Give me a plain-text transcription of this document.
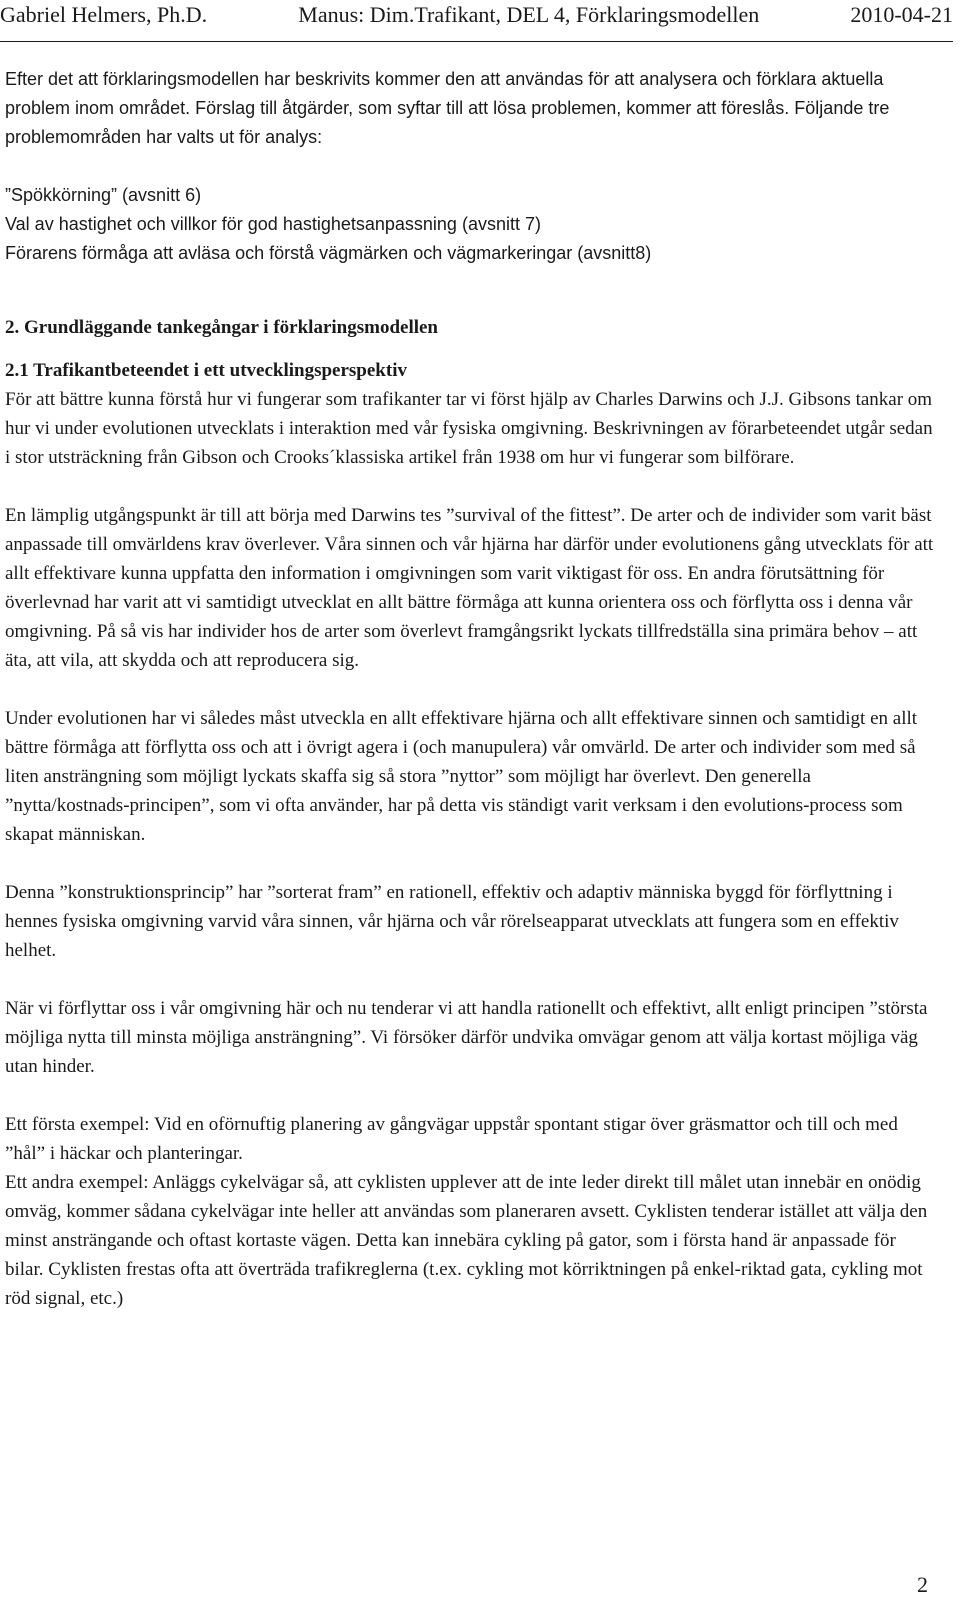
Gabriel Helmers, Ph.D.	Manus: Dim.Trafikant, DEL 4, Förklaringsmodellen	2010-04-21

Efter det att förklaringsmodellen har beskrivits kommer den att användas för att analysera och förklara aktuella problem inom området. Förslag till åtgärder, som syftar till att lösa problemen, kommer att föreslås. Följande tre problemområden har valts ut för analys:

”Spökkörning” (avsnitt 6)

Val av hastighet och villkor för god hastighetsanpassning (avsnitt 7)

Förarens förmåga att avläsa och förstå vägmärken och vägmarkeringar (avsnitt8)

2. Grundläggande tankegångar i förklaringsmodellen

2.1 Trafikantbeteendet i ett utvecklingsperspektiv

För att bättre kunna förstå hur vi fungerar som trafikanter tar vi först hjälp av Charles Darwins och J.J. Gibsons tankar om hur vi under evolutionen utvecklats i interaktion med vår fysiska omgivning. Beskrivningen av förarbeteendet utgår sedan i stor utsträckning från Gibson och Crooks´klassiska artikel från 1938 om hur vi fungerar som bilförare.

En lämplig utgångspunkt är till att börja med Darwins tes ”survival of the fittest”. De arter och de individer som varit bäst anpassade till omvärldens krav överlever. Våra sinnen och vår hjärna har därför under evolutionens gång utvecklats för att allt effektivare kunna uppfatta den information i omgivningen som varit viktigast för oss. En andra förutsättning för överlevnad har varit att vi samtidigt utvecklat en allt bättre förmåga att kunna orientera oss och förflytta oss i denna vår omgivning. På så vis har individer hos de arter som överlevt framgångsrikt lyckats tillfredställa sina primära behov – att äta, att vila, att skydda och att reproducera sig.

Under evolutionen har vi således måst utveckla en allt effektivare hjärna och allt effektivare sinnen och samtidigt en allt bättre förmåga att förflytta oss och att i övrigt agera i (och manupulera) vår omvärld. De arter och individer som med så liten ansträngning som möjligt lyckats skaffa sig så stora ”nyttor” som möjligt har överlevt. Den generella ”nytta/kostnads-principen”, som vi ofta använder, har på detta vis ständigt varit verksam i den evolutions-process som skapat människan.

Denna ”konstruktionsprincip” har ”sorterat fram” en rationell, effektiv och adaptiv människa byggd för förflyttning i hennes fysiska omgivning varvid våra sinnen, vår hjärna och vår rörelseapparat utvecklats att fungera som en effektiv helhet.

När vi förflyttar oss i vår omgivning här och nu tenderar vi att handla rationellt och effektivt, allt enligt principen ”största möjliga nytta till minsta möjliga ansträngning”. Vi försöker därför undvika omvägar genom att välja kortast möjliga väg utan hinder.

Ett första exempel: Vid en oförnuftig planering av gångvägar uppstår spontant stigar över gräsmattor och till och med ”hål” i häckar och planteringar.

Ett andra exempel: Anläggs cykelvägar så, att cyklisten upplever att de inte leder direkt till målet utan innebär en onödig omväg, kommer sådana cykelvägar inte heller att användas som planeraren avsett. Cyklisten tenderar istället att välja den minst ansträngande och oftast kortaste vägen. Detta kan innebära cykling på gator, som i första hand är anpassade för bilar. Cyklisten frestas ofta att överträda trafikreglerna (t.ex. cykling mot körriktningen på enkel-riktad gata, cykling mot röd signal, etc.)

2
